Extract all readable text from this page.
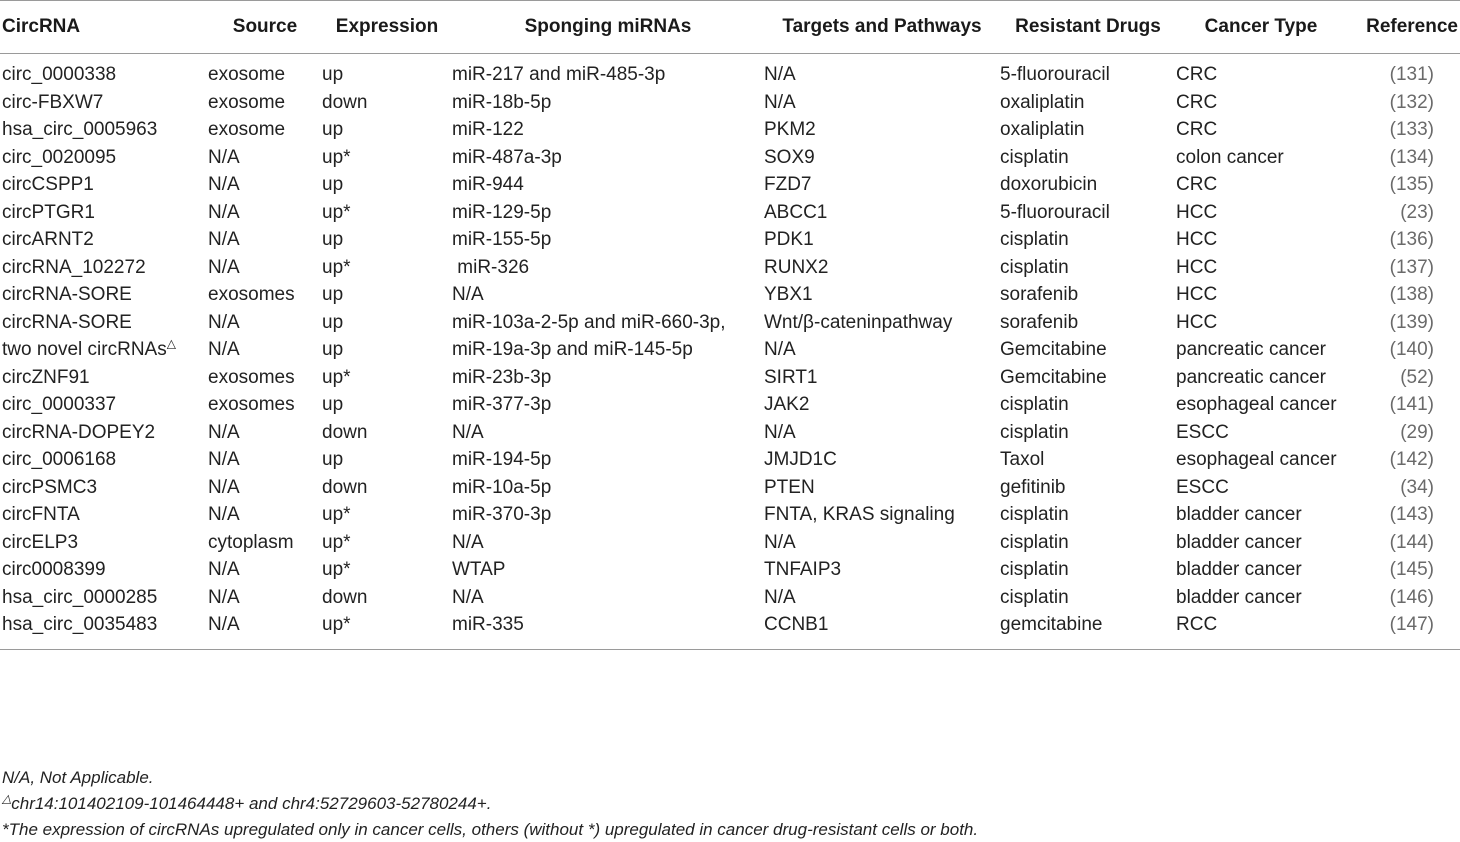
CircRNA	Source	Expression	Sponging miRNAs	Targets and Pathways	Resistant Drugs	Cancer Type	Reference
circ_0000338	exosome	up	miR-217 and miR-485-3p	N/A	5-fluorouracil	CRC	(131)
circ-FBXW7	exosome	down	miR-18b-5p	N/A	oxaliplatin	CRC	(132)
hsa_circ_0005963	exosome	up	miR-122	PKM2	oxaliplatin	CRC	(133)
circ_0020095	N/A	up*	miR-487a-3p	SOX9	cisplatin	colon cancer	(134)
circCSPP1	N/A	up	miR-944	FZD7	doxorubicin	CRC	(135)
circPTGR1	N/A	up*	miR-129-5p	ABCC1	5-fluorouracil	HCC	(23)
circARNT2	N/A	up	miR-155-5p	PDK1	cisplatin	HCC	(136)
circRNA_102272	N/A	up*	miR-326	RUNX2	cisplatin	HCC	(137)
circRNA-SORE	exosomes	up	N/A	YBX1	sorafenib	HCC	(138)
circRNA-SORE	N/A	up	miR-103a-2-5p and miR-660-3p,	Wnt/β-cateninpathway	sorafenib	HCC	(139)
two novel circRNAs△	N/A	up	miR-19a-3p and miR-145-5p	N/A	Gemcitabine	pancreatic cancer	(140)
circZNF91	exosomes	up*	miR-23b-3p	SIRT1	Gemcitabine	pancreatic cancer	(52)
circ_0000337	exosomes	up	miR-377-3p	JAK2	cisplatin	esophageal cancer	(141)
circRNA-DOPEY2	N/A	down	N/A	N/A	cisplatin	ESCC	(29)
circ_0006168	N/A	up	miR-194-5p	JMJD1C	Taxol	esophageal cancer	(142)
circPSMC3	N/A	down	miR-10a-5p	PTEN	gefitinib	ESCC	(34)
circFNTA	N/A	up*	miR-370-3p	FNTA, KRAS signaling	cisplatin	bladder cancer	(143)
circELP3	cytoplasm	up*	N/A	N/A	cisplatin	bladder cancer	(144)
circ0008399	N/A	up*	WTAP	TNFAIP3	cisplatin	bladder cancer	(145)
hsa_circ_0000285	N/A	down	N/A	N/A	cisplatin	bladder cancer	(146)
hsa_circ_0035483	N/A	up*	miR-335	CCNB1	gemcitabine	RCC	(147)
N/A, Not Applicable.
△chr14:101402109-101464448+ and chr4:52729603-52780244+.
*The expression of circRNAs upregulated only in cancer cells, others (without *) upregulated in cancer drug-resistant cells or both.
